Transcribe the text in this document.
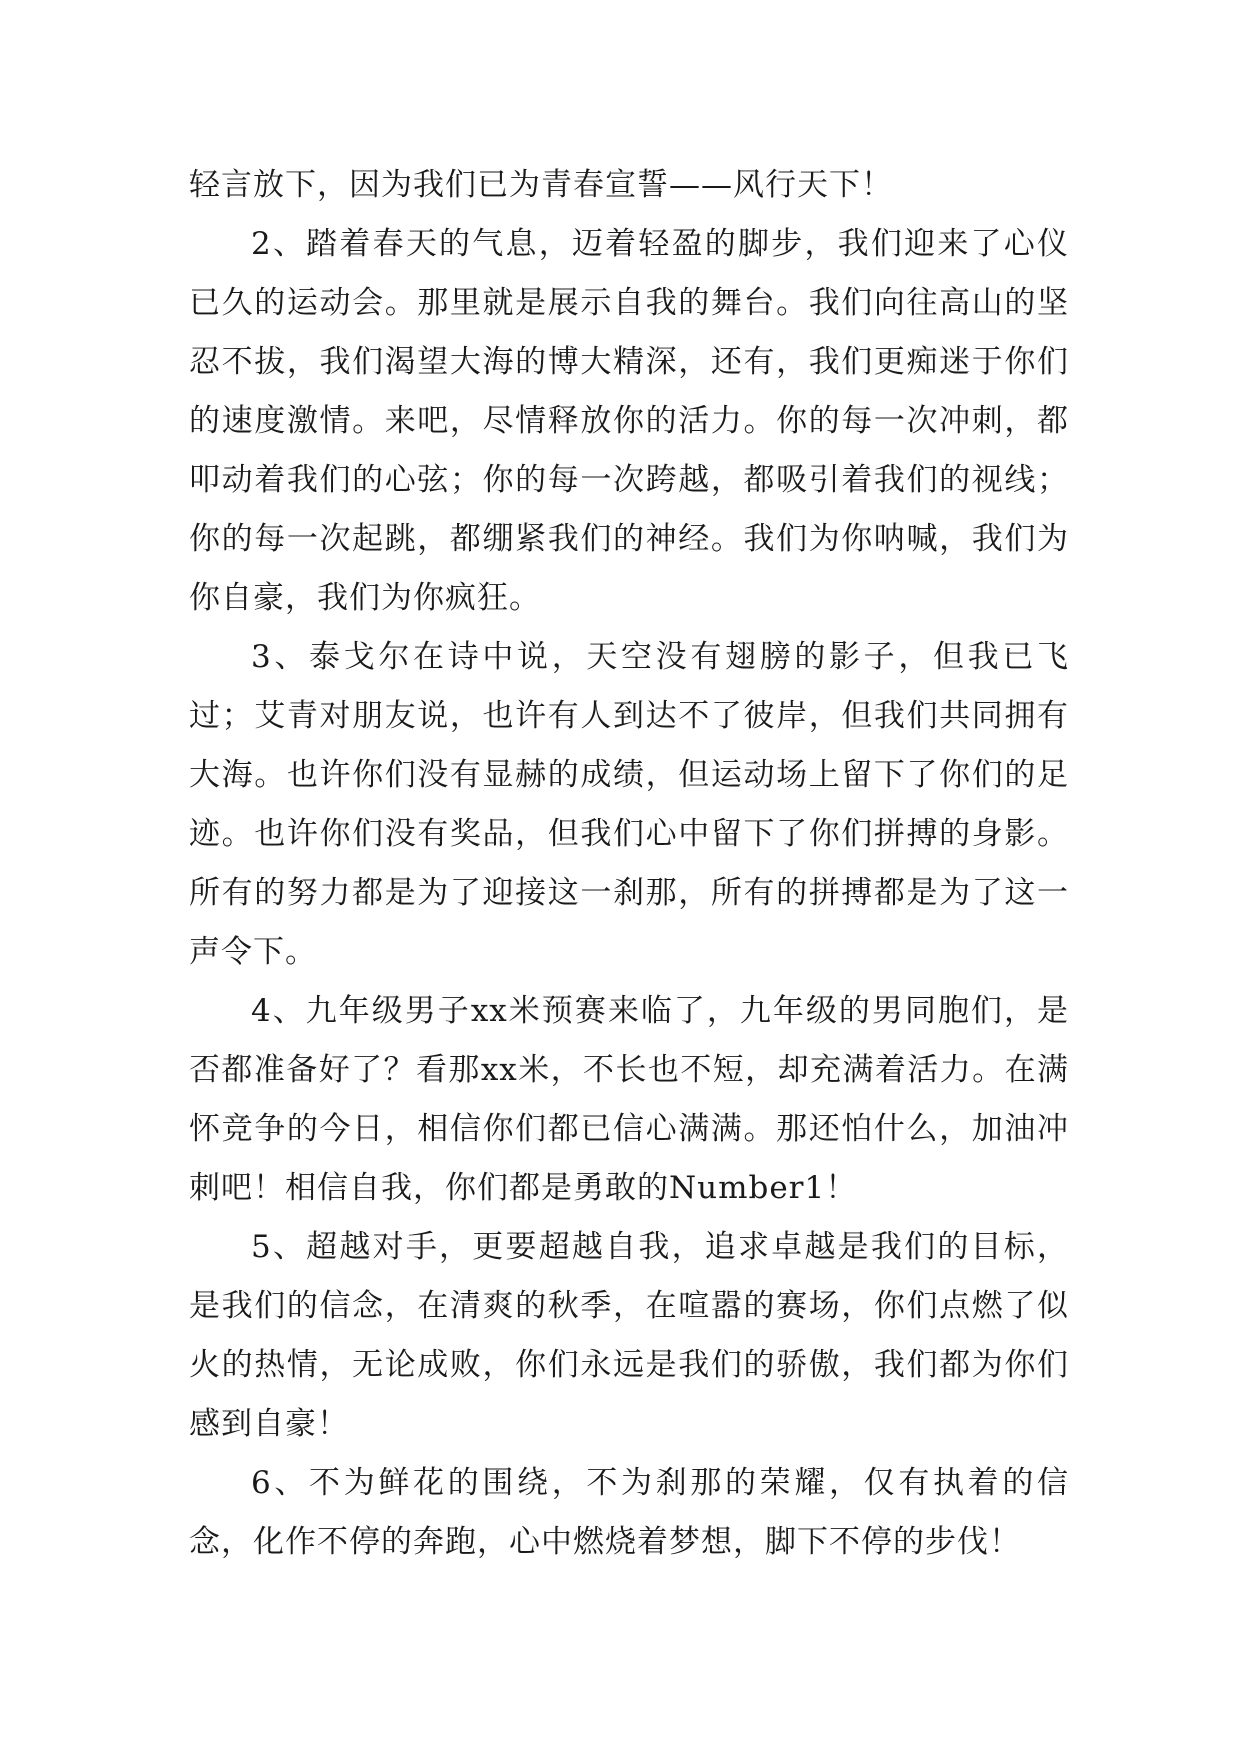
轻言放下，因为我们已为青春宣誓——风行天下！

2、踏着春天的气息，迈着轻盈的脚步，我们迎来了心仪已久的运动会。那里就是展示自我的舞台。我们向往高山的坚忍不拔，我们渴望大海的博大精深，还有，我们更痴迷于你们的速度激情。来吧，尽情释放你的活力。你的每一次冲刺，都叩动着我们的心弦；你的每一次跨越，都吸引着我们的视线；你的每一次起跳，都绷紧我们的神经。我们为你呐喊，我们为你自豪，我们为你疯狂。

3、泰戈尔在诗中说，天空没有翅膀的影子，但我已飞过；艾青对朋友说，也许有人到达不了彼岸，但我们共同拥有大海。也许你们没有显赫的成绩，但运动场上留下了你们的足迹。也许你们没有奖品，但我们心中留下了你们拼搏的身影。所有的努力都是为了迎接这一刹那，所有的拼搏都是为了这一声令下。

4、九年级男子xx米预赛来临了，九年级的男同胞们，是否都准备好了？看那xx米，不长也不短，却充满着活力。在满怀竞争的今日，相信你们都已信心满满。那还怕什么，加油冲刺吧！相信自我，你们都是勇敢的Number1！

5、超越对手，更要超越自我，追求卓越是我们的目标，是我们的信念，在清爽的秋季，在喧嚣的赛场，你们点燃了似火的热情，无论成败，你们永远是我们的骄傲，我们都为你们感到自豪！

6、不为鲜花的围绕，不为刹那的荣耀，仅有执着的信念，化作不停的奔跑，心中燃烧着梦想，脚下不停的步伐！
